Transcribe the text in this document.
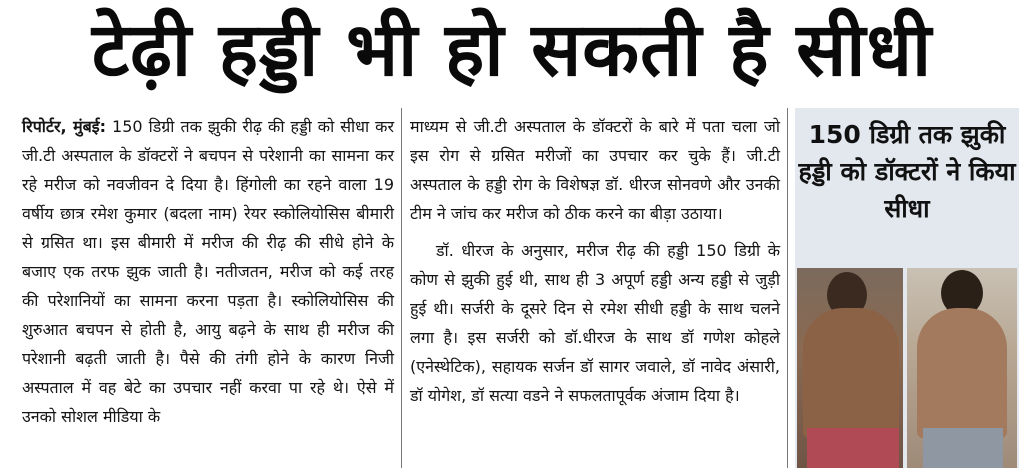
टेढ़ी हड्डी भी हो सकती है सीधी

रिपोर्टर, मुंबई: 150 डिग्री तक झुकी रीढ़ की हड्डी को सीधा कर जी.टी अस्पताल के डॉक्टरों ने बचपन से परेशानी का सामना कर रहे मरीज को नवजीवन दे दिया है। हिंगोली का रहने वाला 19 वर्षीय छात्र रमेश कुमार (बदला नाम) रेयर स्कोलियोसिस बीमारी से ग्रसित था। इस बीमारी में मरीज की रीढ़ की सीधे होने के बजाए एक तरफ झुक जाती है। नतीजतन, मरीज को कई तरह की परेशानियों का सामना करना पड़ता है। स्कोलियोसिस की शुरुआत बचपन से होती है, आयु बढ़ने के साथ ही मरीज की परेशानी बढ़ती जाती है। पैसे की तंगी होने के कारण निजी अस्पताल में वह बेटे का उपचार नहीं करवा पा रहे थे। ऐसे में उनको सोशल मीडिया के

माध्यम से जी.टी अस्पताल के डॉक्टरों के बारे में पता चला जो इस रोग से ग्रसित मरीजों का उपचार कर चुके हैं। जी.टी अस्पताल के हड्डी रोग के विशेषज्ञ डॉ. धीरज सोनवणे और उनकी टीम ने जांच कर मरीज को ठीक करने का बीड़ा उठाया।

डॉ. धीरज के अनुसार, मरीज रीढ़ की हड्डी 150 डिग्री के कोण से झुकी हुई थी, साथ ही 3 अपूर्ण हड्डी अन्य हड्डी से जुड़ी हुई थी। सर्जरी के दूसरे दिन से रमेश सीधी हड्डी के साथ चलने लगा है। इस सर्जरी को डॉ.धीरज के साथ डॉ गणेश कोहले (एनेस्थेटिक), सहायक सर्जन डॉ सागर जवाले, डॉ नावेद अंसारी, डॉ योगेश, डॉ सत्या वडने ने सफलतापूर्वक अंजाम दिया है।

150 डिग्री तक झुकी हड्डी को डॉक्टरों ने किया सीधा
